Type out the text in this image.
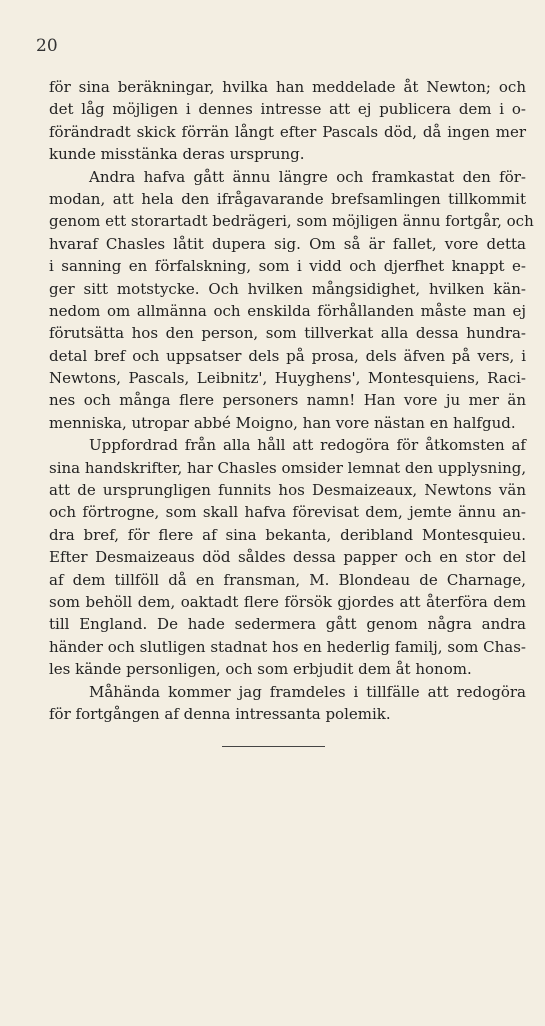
20
för sina beräkningar, hvilka han meddelade åt Newton; och
det låg möjligen i dennes intresse att ej publicera dem i o-
förändradt skick förrän långt efter Pascals död, då ingen mer
kunde misstänka deras ursprung.
Andra hafva gått ännu längre och framkastat den för-
modan, att hela den ifrågavarande brefsamlingen tillkommit
genom ett storartadt bedrägeri, som möjligen ännu fortgår, och
hvaraf Chasles låtit dupera sig. Om så är fallet, vore detta
i sanning en förfalskning, som i vidd och djerfhet knappt e-
ger sitt motstycke. Och hvilken mångsidighet, hvilken kän-
nedom om allmänna och enskilda förhållanden måste man ej
förutsätta hos den person, som tillverkat alla dessa hundra-
detal bref och uppsatser dels på prosa, dels äfven på vers, i
Newtons, Pascals, Leibnitz', Huyghens', Montesquiens, Raci-
nes och många flere personers namn! Han vore ju mer än
menniska, utropar abbé Moigno, han vore nästan en halfgud.
Uppfordrad från alla håll att redogöra för åtkomsten af
sina handskrifter, har Chasles omsider lemnat den upplysning,
att de ursprungligen funnits hos Desmaizeaux, Newtons vän
och förtrogne, som skall hafva förevisat dem, jemte ännu an-
dra bref, för flere af sina bekanta, deribland Montesquieu.
Efter Desmaizeaus död såldes dessa papper och en stor del
af dem tillföll då en fransman, M. Blondeau de Charnage,
som behöll dem, oaktadt flere försök gjordes att återföra dem
till England. De hade sedermera gått genom några andra
händer och slutligen stadnat hos en hederlig familj, som Chas-
les kände personligen, och som erbjudit dem åt honom.
Måhända kommer jag framdeles i tillfälle att redogöra
för fortgången af denna intressanta polemik.
